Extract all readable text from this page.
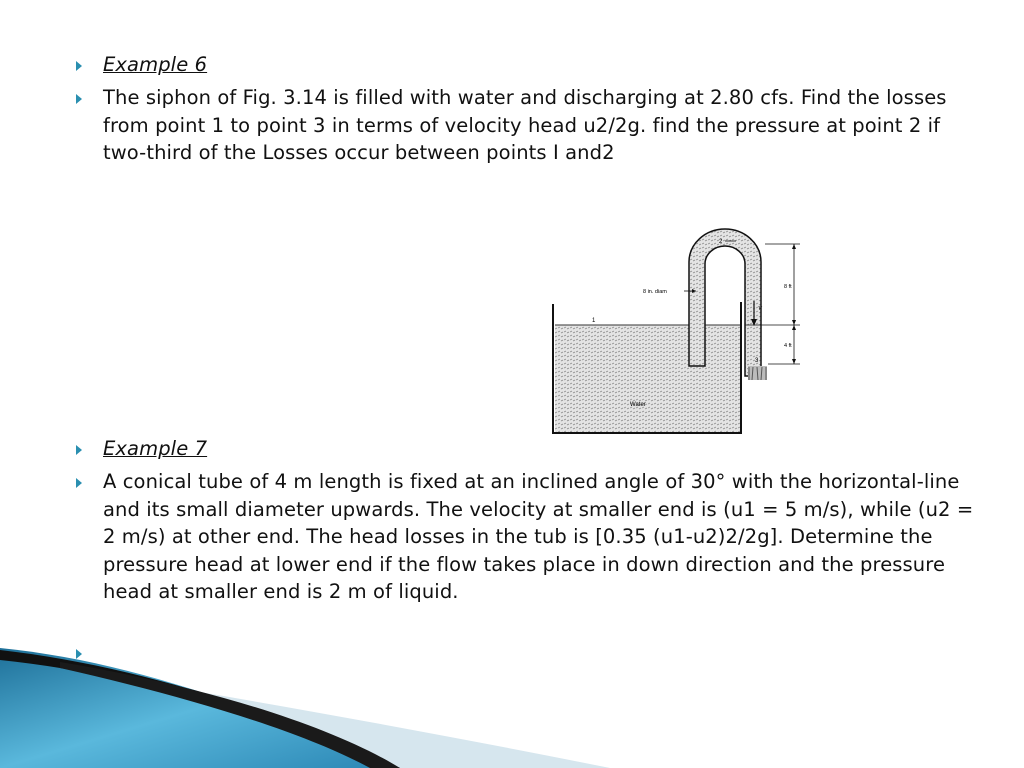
Example 6
The siphon of Fig. 3.14 is filled with water and discharging at 2.80 cfs. Find the losses from point 1 to point 3 in terms of velocity head u2/2g. find the pressure at point 2 if two-third of the Losses occur between points I and2
Example 7
A conical tube of 4 m length is fixed at an inclined angle of 30° with the horizontal-line and its small diameter upwards. The velocity at smaller end is (u1 = 5 m/s), while (u2 = 2 m/s) at other end. The head losses in the tub is [0.35 (u1-u2)2/2g]. Determine the pressure head at lower end if the flow takes place in down direction and the pressure head at smaller end is 2 m of liquid.
1
2
3
8 in. diam
V
8 ft
4 ft
Water
